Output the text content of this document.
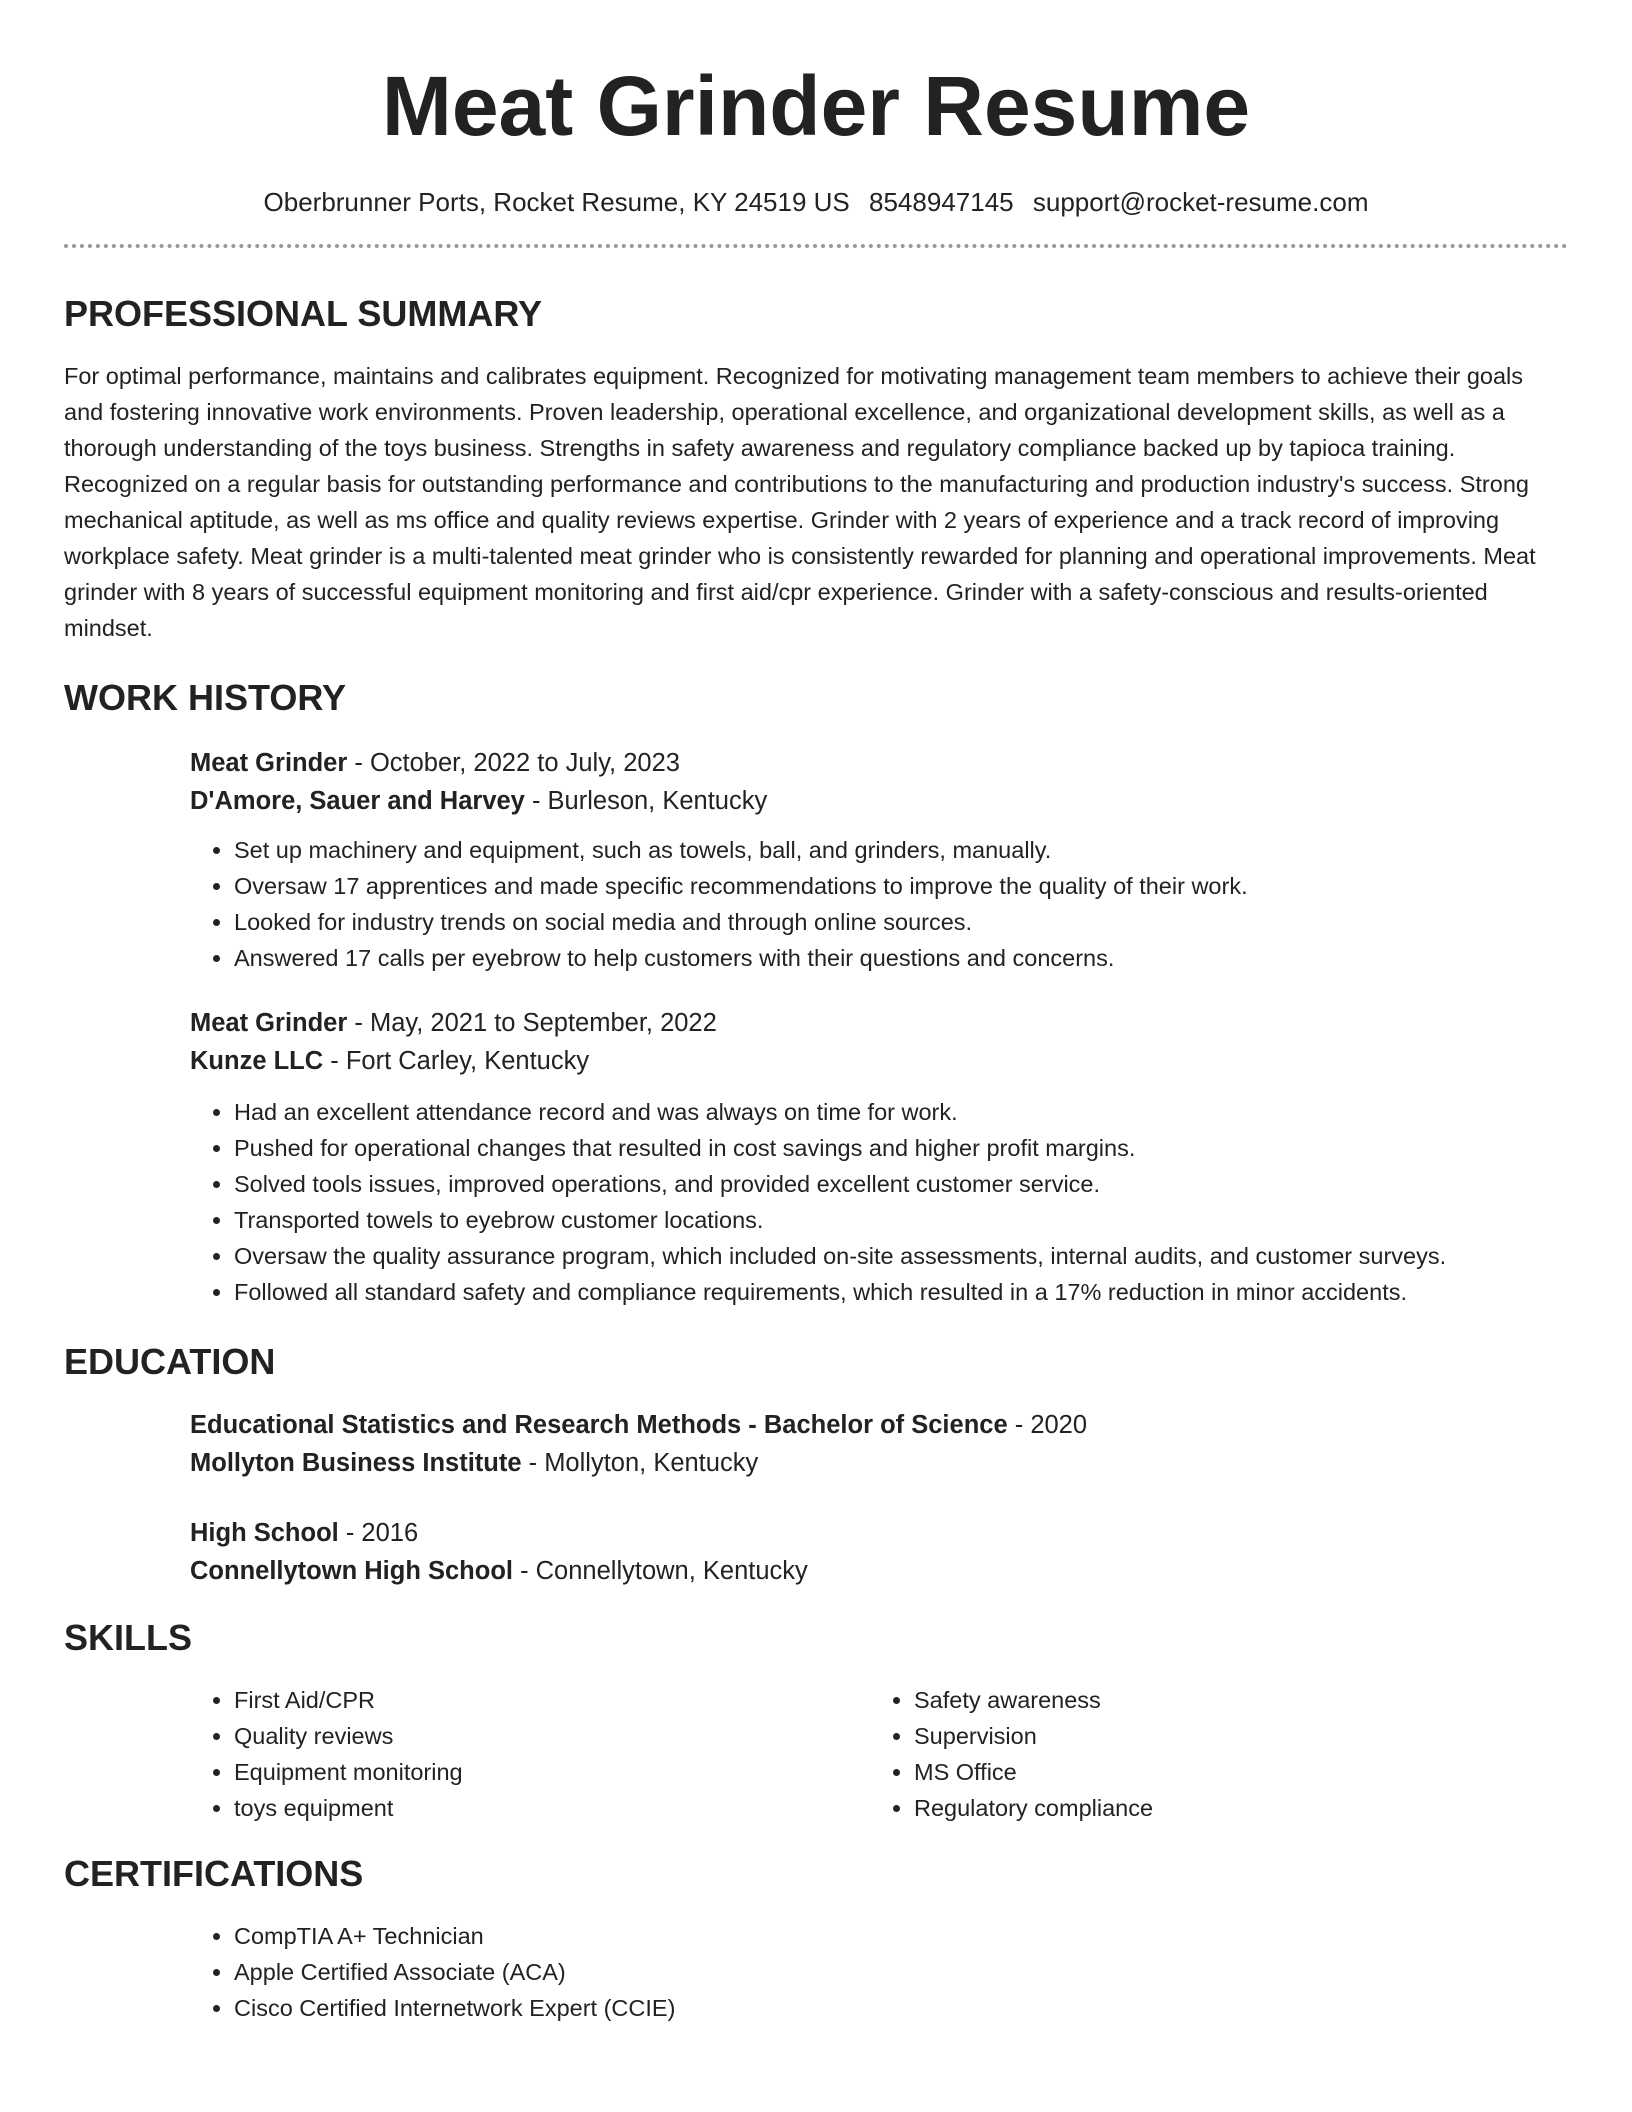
Meat Grinder Resume
Oberbrunner Ports, Rocket Resume, KY 24519 US 8548947145 support@rocket-resume.com
PROFESSIONAL SUMMARY

For optimal performance, maintains and calibrates equipment. Recognized for motivating management team members to achieve their goals and fostering innovative work environments. Proven leadership, operational excellence, and organizational development skills, as well as a thorough understanding of the toys business. Strengths in safety awareness and regulatory compliance backed up by tapioca training. Recognized on a regular basis for outstanding performance and contributions to the manufacturing and production industry's success. Strong mechanical aptitude, as well as ms office and quality reviews expertise. Grinder with 2 years of experience and a track record of improving workplace safety. Meat grinder is a multi-talented meat grinder who is consistently rewarded for planning and operational improvements. Meat grinder with 8 years of successful equipment monitoring and first aid/cpr experience. Grinder with a safety-conscious and results-oriented mindset.

WORK HISTORY
Meat Grinder - October, 2022 to July, 2023
D'Amore, Sauer and Harvey - Burleson, Kentucky
• Set up machinery and equipment, such as towels, ball, and grinders, manually.
• Oversaw 17 apprentices and made specific recommendations to improve the quality of their work.
• Looked for industry trends on social media and through online sources.
• Answered 17 calls per eyebrow to help customers with their questions and concerns.
Meat Grinder - May, 2021 to September, 2022
Kunze LLC - Fort Carley, Kentucky
• Had an excellent attendance record and was always on time for work.
• Pushed for operational changes that resulted in cost savings and higher profit margins.
• Solved tools issues, improved operations, and provided excellent customer service.
• Transported towels to eyebrow customer locations.
• Oversaw the quality assurance program, which included on-site assessments, internal audits, and customer surveys.
• Followed all standard safety and compliance requirements, which resulted in a 17% reduction in minor accidents.
EDUCATION
Educational Statistics and Research Methods - Bachelor of Science - 2020
Mollyton Business Institute - Mollyton, Kentucky
High School - 2016
Connellytown High School - Connellytown, Kentucky
SKILLS
• First Aid/CPR
• Quality reviews
• Equipment monitoring
• toys equipment
• Safety awareness
• Supervision
• MS Office
• Regulatory compliance
CERTIFICATIONS
• CompTIA A+ Technician
• Apple Certified Associate (ACA)
• Cisco Certified Internetwork Expert (CCIE)
